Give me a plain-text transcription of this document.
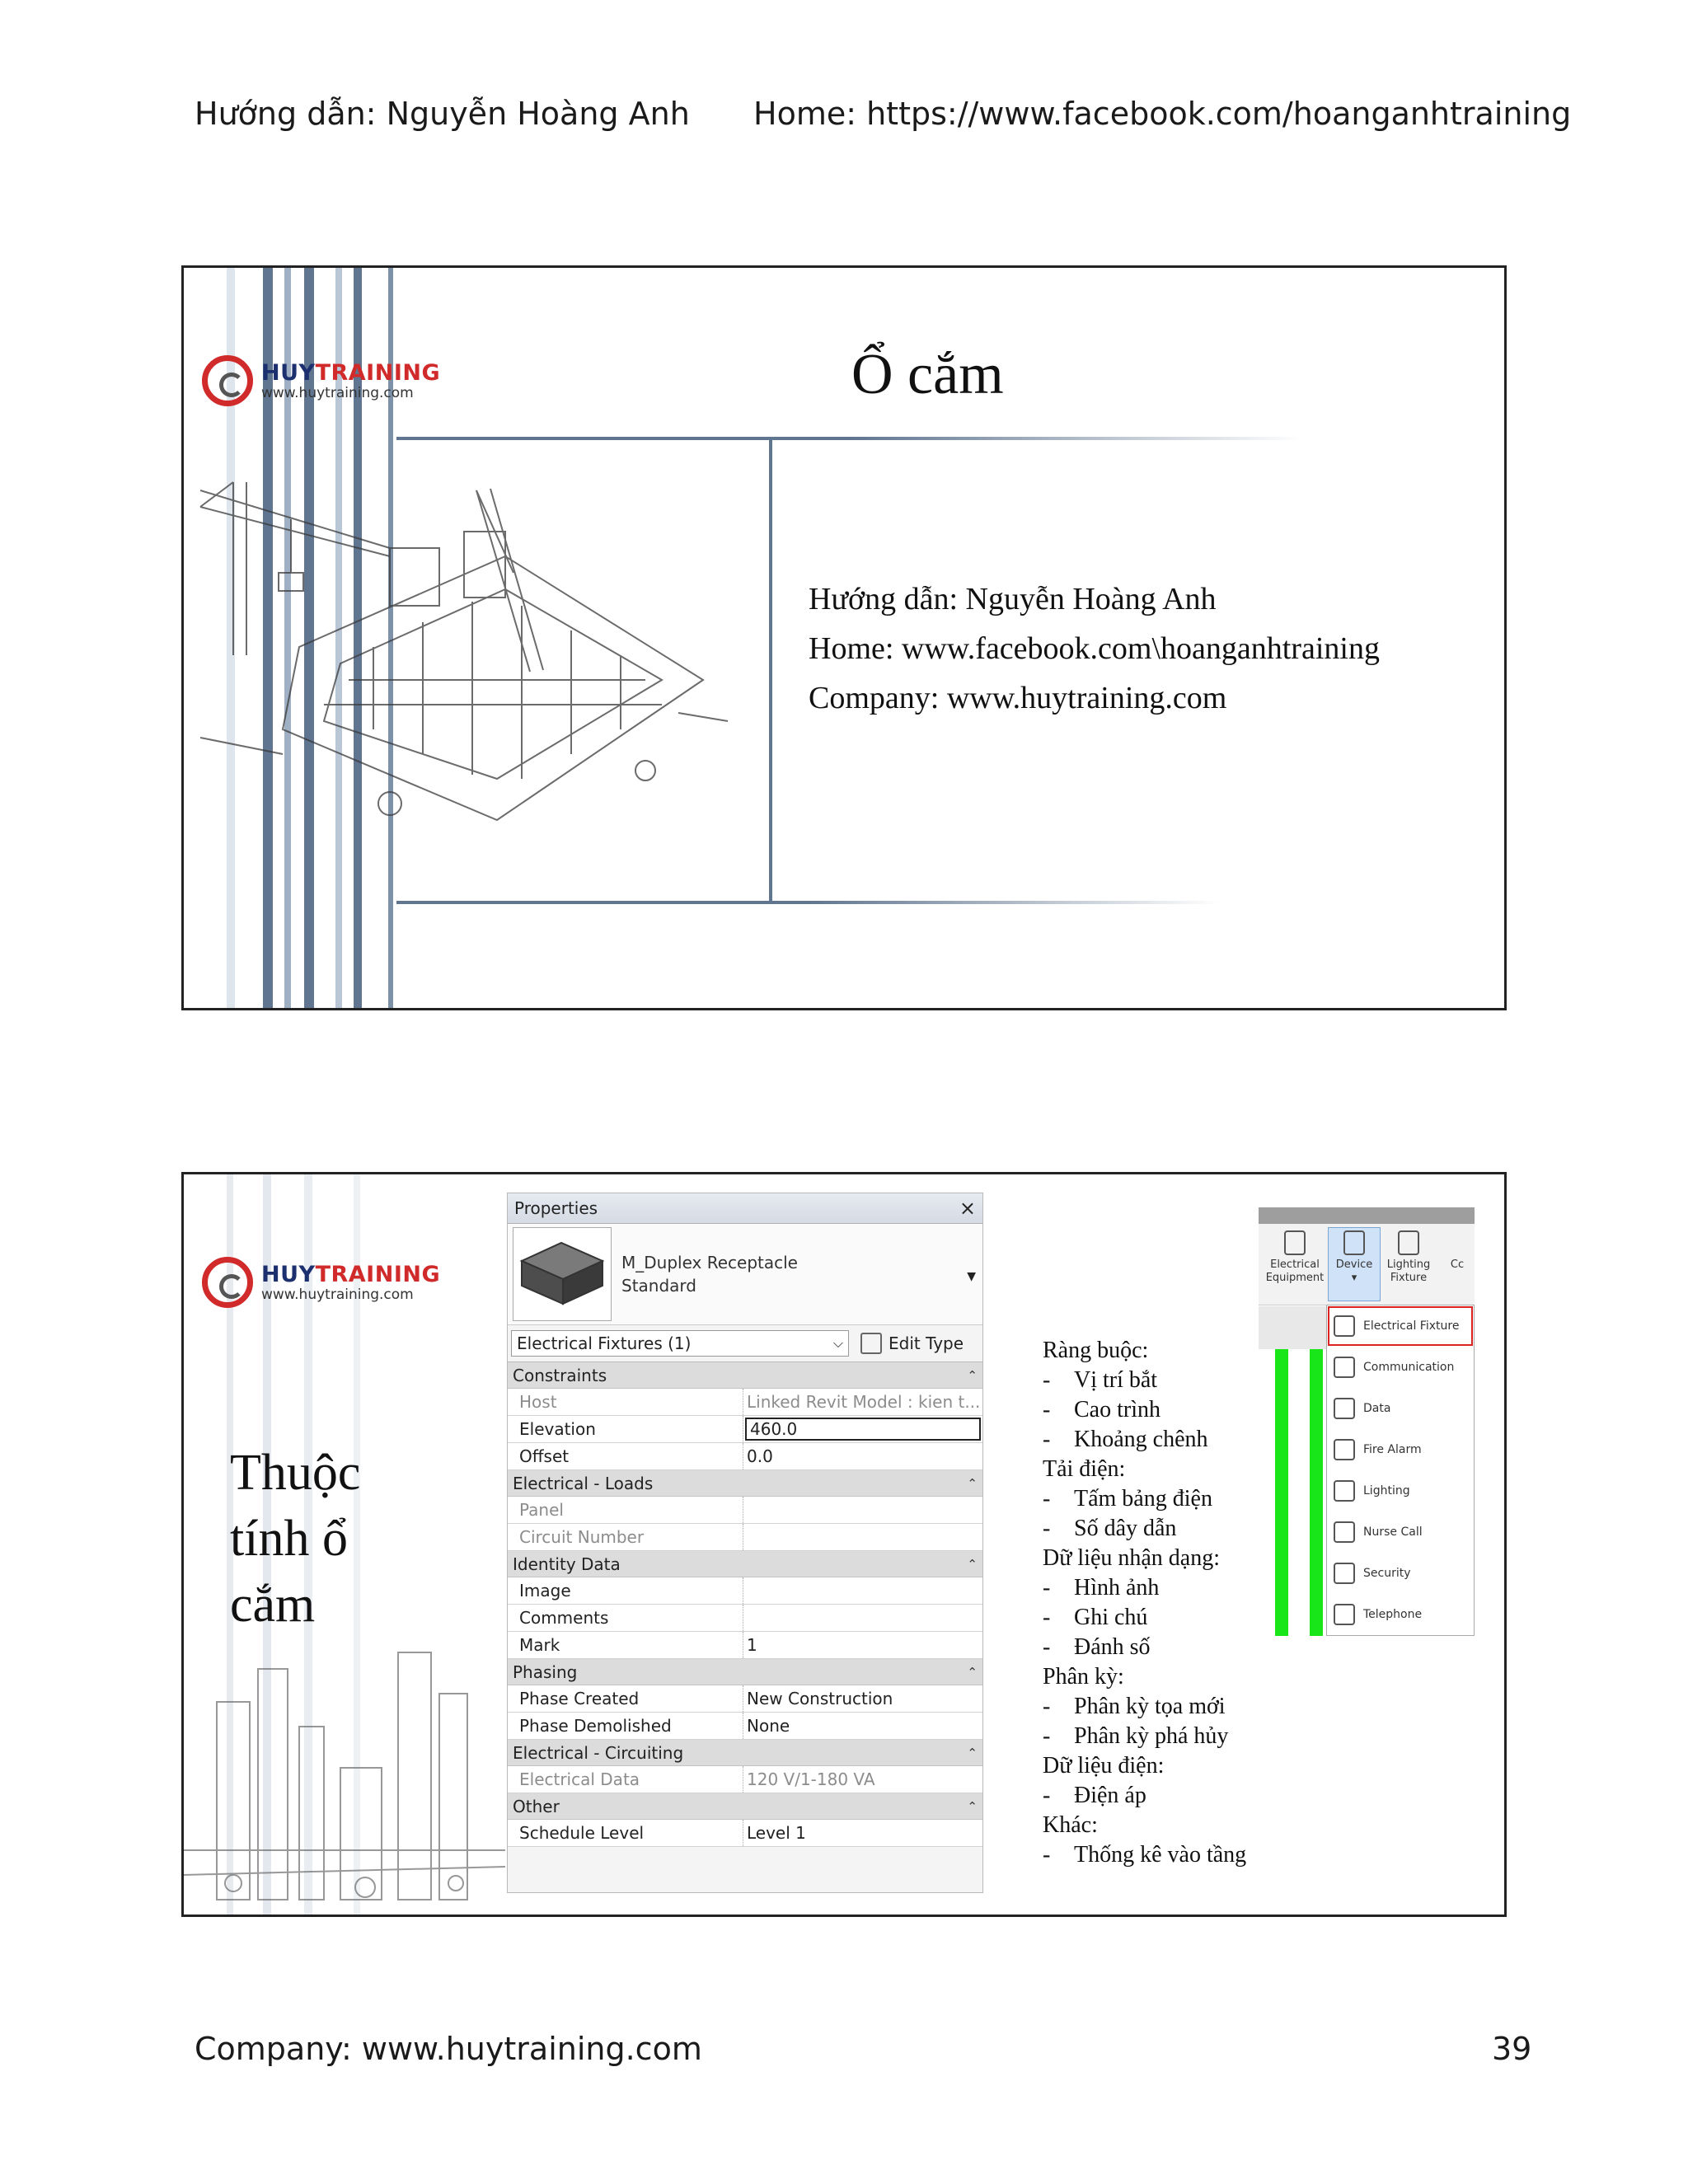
Hướng dẫn: Nguyễn Hoàng Anh Home: https://www.facebook.com/hoanganhtraining
HUYTRAINING
www.huytraining.com	Ổ cắm
Hướng dẫn: Nguyễn Hoàng Anh
Home: www.facebook.com\hoanganhtraining
Company: www.huytraining.com
HUYTRAINING
www.huytraining.com
Thuộc
tính ổ
cắm
Properties	×
M_Duplex Receptacle
Standard	▼
Electrical Fixtures (1)	⌵	Edit Type
Constraints	⌃
Host	Linked Revit Model : kien t...
Elevation	460.0
Offset	0.0
Electrical - Loads	⌃
Panel
Circuit Number
Identity Data	⌃
Image
Comments
Mark	1
Phasing	⌃
Phase Created	New Construction
Phase Demolished	None
Electrical - Circuiting	⌃
Electrical Data	120 V/1-180 VA
Other	⌃
Schedule Level	Level 1
Electrical
Equipment
Device
▾
Lighting
Fixture
Cc
Electrical Fixture
Communication
Data
Fire Alarm
Lighting
Nurse Call
Security
Telephone
Ràng buộc:
- Vị trí bắt
- Cao trình
- Khoảng chênh
Tải điện:
- Tấm bảng điện
- Số dây dẫn
Dữ liệu nhận dạng:
- Hình ảnh
- Ghi chú
- Đánh số
Phân kỳ:
- Phân kỳ tọa mới
- Phân kỳ phá hủy
Dữ liệu điện:
- Điện áp
Khác:
- Thống kê vào tầng
Company: www.huytraining.com	39
